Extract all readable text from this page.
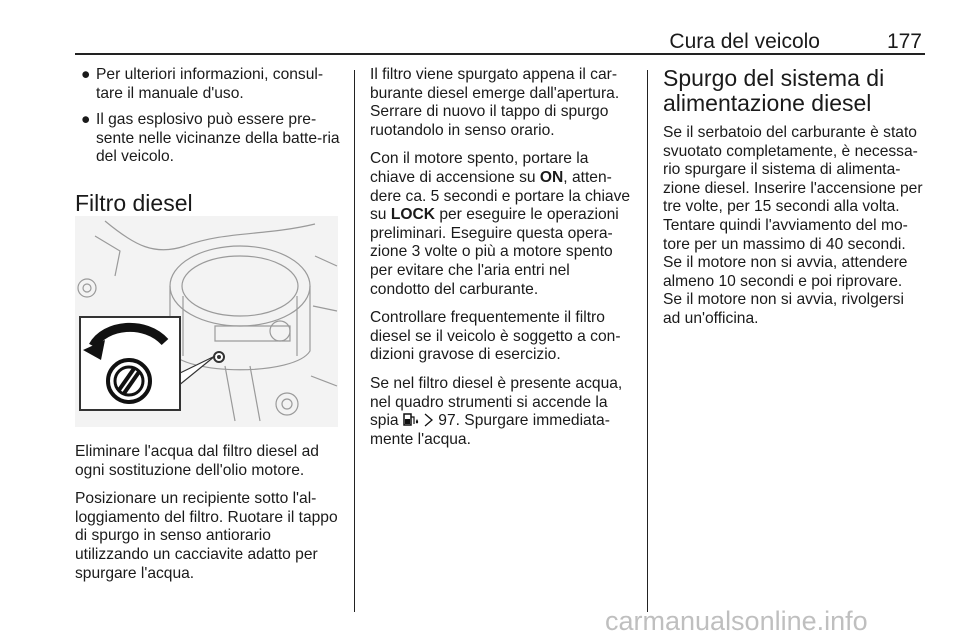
Cura del veicolo	177
● Per ulteriori informazioni, consul-tare il manuale d'uso.
● Il gas esplosivo può essere pre-sente nelle vicinanze della batte-ria del veicolo.
Filtro diesel

Eliminare l'acqua dal filtro diesel ad ogni sostituzione dell'olio motore.

Posizionare un recipiente sotto l'al-loggiamento del filtro. Ruotare il tappo di spurgo in senso antiorario utilizzando un cacciavite adatto per spurgare l'acqua.

Il filtro viene spurgato appena il car-burante diesel emerge dall'apertura. Serrare di nuovo il tappo di spurgo ruotandolo in senso orario.

Con il motore spento, portare la chiave di accensione su ON, atten-dere ca. 5 secondi e portare la chiave su LOCK per eseguire le operazioni preliminari. Eseguire questa opera-zione 3 volte o più a motore spento per evitare che l'aria entri nel condotto del carburante.

Controllare frequentemente il filtro diesel se il veicolo è soggetto a con-dizioni gravose di esercizio.

Se nel filtro diesel è presente acqua, nel quadro strumenti si accende la spia  97. Spurgare immediata-mente l'acqua.

Spurgo del sistema di alimentazione diesel

Se il serbatoio del carburante è stato svuotato completamente, è necessa-rio spurgare il sistema di alimenta-zione diesel. Inserire l'accensione per tre volte, per 15 secondi alla volta. Tentare quindi l'avviamento del mo-tore per un massimo di 40 secondi. Se il motore non si avvia, attendere almeno 10 secondi e poi riprovare. Se il motore non si avvia, rivolgersi ad un'officina.

carmanualsonline.info
